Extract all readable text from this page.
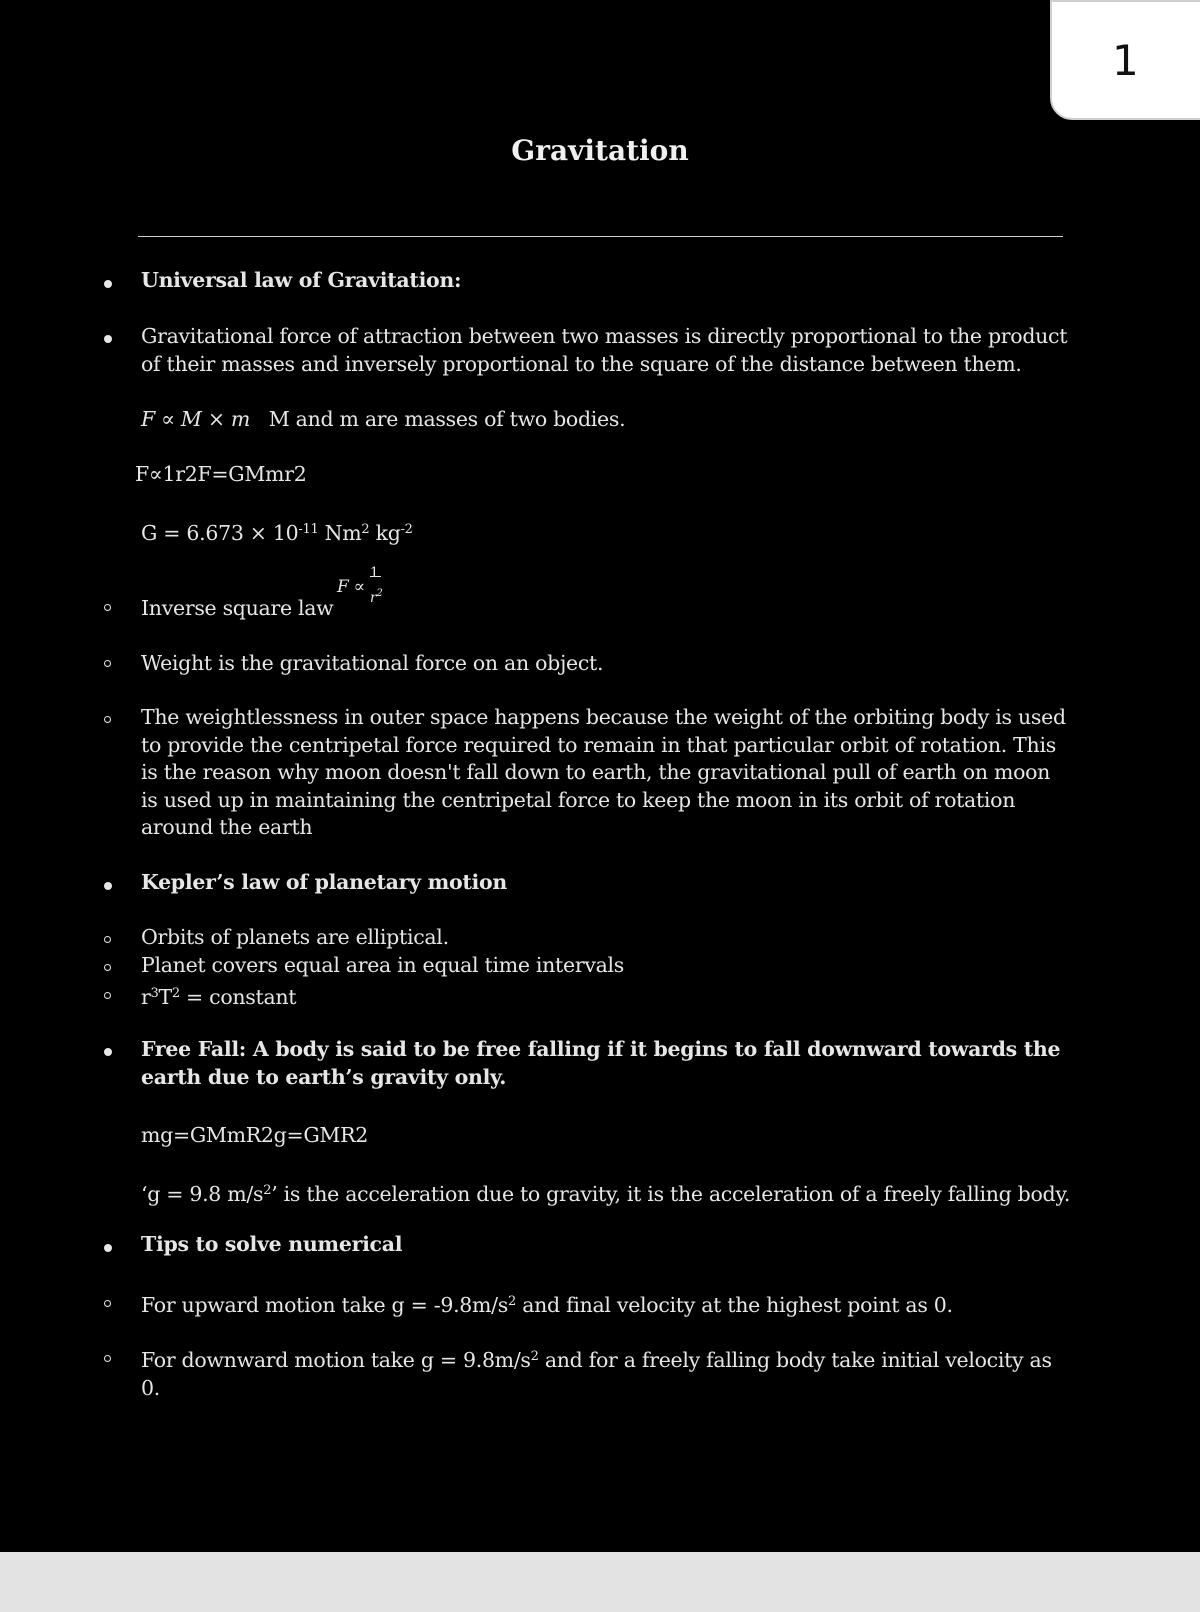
1
Gravitation
Universal law of Gravitation:
Gravitational force of attraction between two masses is directly proportional to the product of their masses and inversely proportional to the square of the distance between them.
F ∝ M × m M and m are masses of two bodies.
F∝1r2F=GMmr2
$G = 6.673 \times 10^{-11}$ Nm$^2$ $kg^{-2}$
Inverse square law
F ∝
1
$r^2$
Weight is the gravitational force on an object.
The weightlessness in outer space happens because the weight of the orbiting body is used to provide the centripetal force required to remain in that particular orbit of rotation. This is the reason why moon doesn't fall down to earth, the gravitational pull of earth on moon is used up in maintaining the centripetal force to keep the moon in its orbit of rotation around the earth
Kepler’s law of planetary motion
Orbits of planets are elliptical.
Planet covers equal area in equal time intervals
$r^3T^2$ = constant
Free Fall: A body is said to be free falling if it begins to fall downward towards the earth due to earth’s gravity only.
mg=GMmR2g=GMR2
‘g = 9.8 $m/s^2$’ is the acceleration due to gravity, it is the acceleration of a freely falling body.
Tips to solve numerical
For upward motion take $g = -9.8m/s^2$ and final velocity at the highest point as 0.
For downward motion take $g = 9.8m/s^2$ and for a freely falling body take initial velocity as 0.
